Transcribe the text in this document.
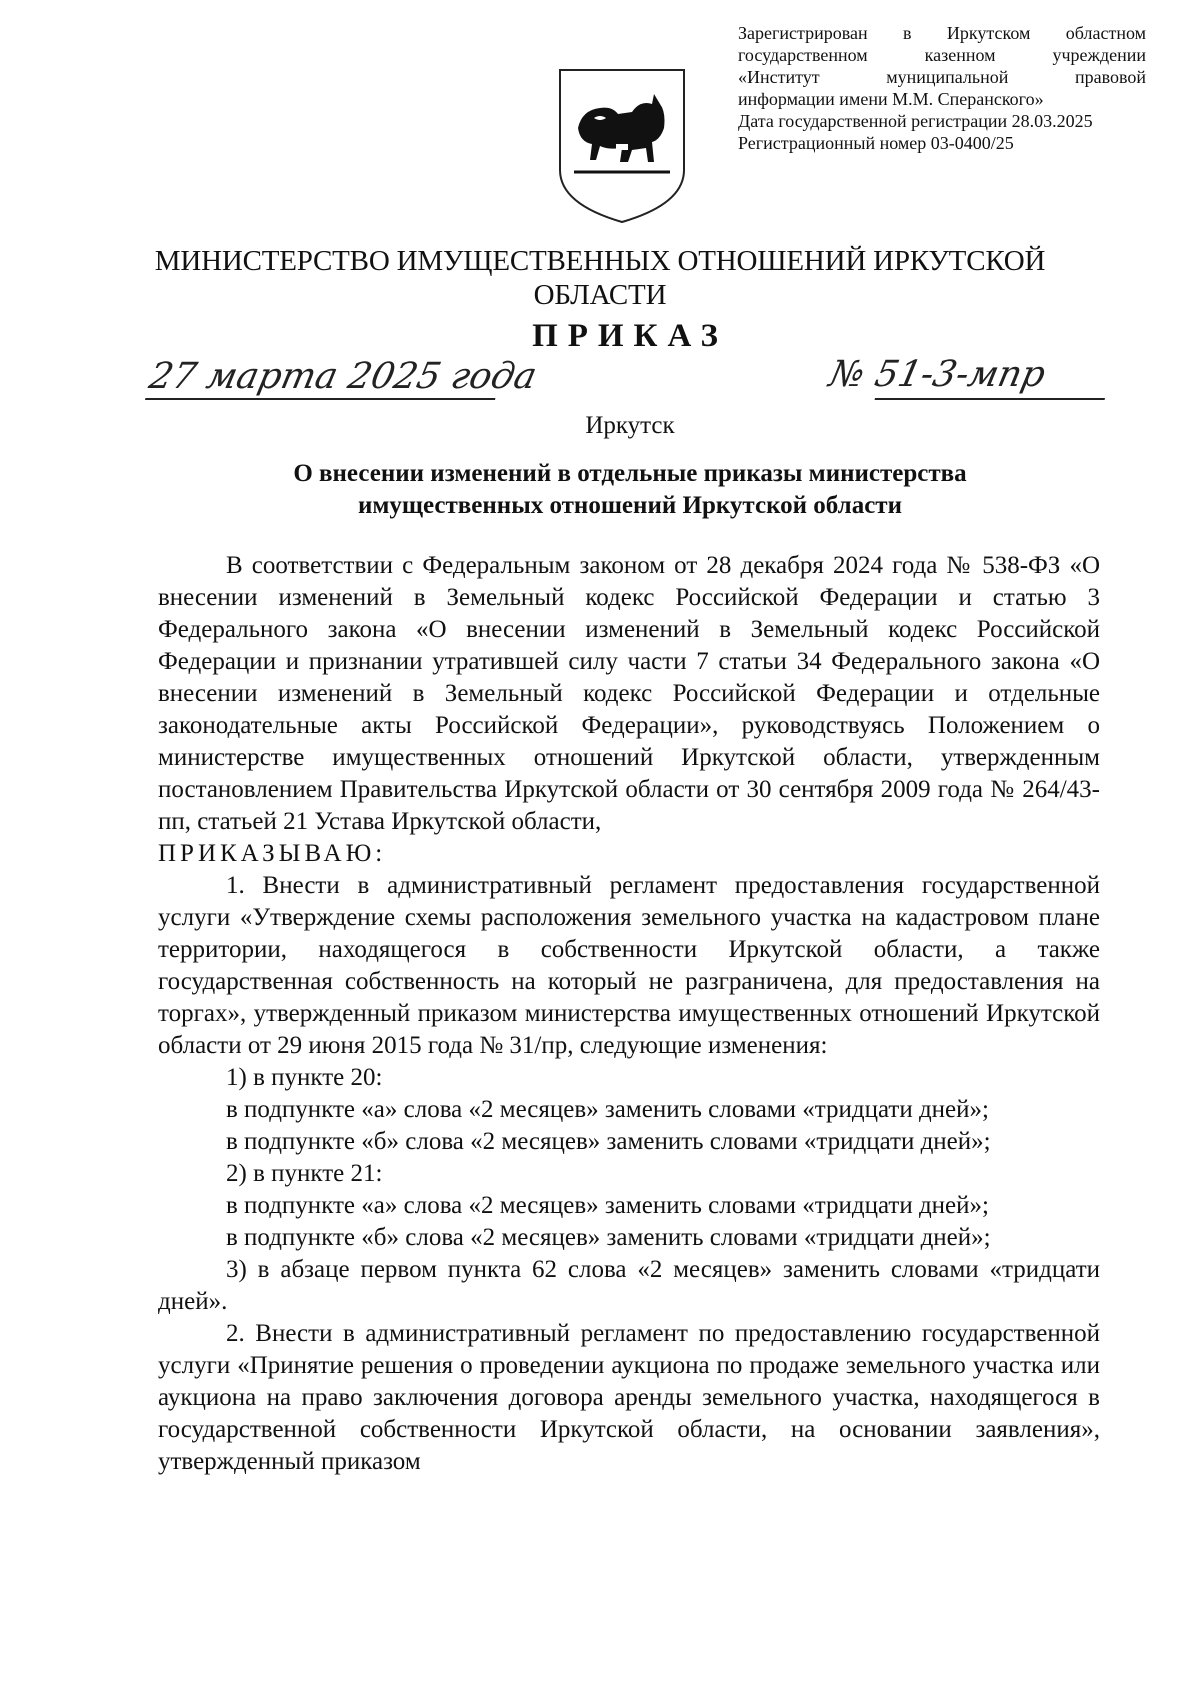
Зарегистрирован в Иркутском областном
государственном казенном учреждении
«Институт муниципальной правовой
информации имени М.М. Сперанского»
Дата государственной регистрации 28.03.2025
Регистрационный номер 03-0400/25
МИНИСТЕРСТВО ИМУЩЕСТВЕННЫХ ОТНОШЕНИЙ ИРКУТСКОЙ
ОБЛАСТИ
ПРИКАЗ
27 марта 2025 года	№ 51-3-мпр
Иркутск
О внесении изменений в отдельные приказы министерства
имущественных отношений Иркутской области

В соответствии с Федеральным законом от 28 декабря 2024 года № 538-ФЗ «О внесении изменений в Земельный кодекс Российской Федерации и статью 3 Федерального закона «О внесении изменений в Земельный кодекс Российской Федерации и признании утратившей силу части 7 статьи 34 Федерального закона «О внесении изменений в Земельный кодекс Российской Федерации и отдельные законодательные акты Российской Федерации», руководствуясь Положением о министерстве имущественных отношений Иркутской области, утвержденным постановлением Правительства Иркутской области от 30 сентября 2009 года № 264/43-пп, статьей 21 Устава Иркутской области,

ПРИКАЗЫВАЮ:

1. Внести в административный регламент предоставления государственной услуги «Утверждение схемы расположения земельного участка на кадастровом плане территории, находящегося в собственности Иркутской области, а также государственная собственность на который не разграничена, для предоставления на торгах», утвержденный приказом министерства имущественных отношений Иркутской области от 29 июня 2015 года № 31/пр, следующие изменения:

1) в пункте 20:

в подпункте «а» слова «2 месяцев» заменить словами «тридцати дней»;

в подпункте «б» слова «2 месяцев» заменить словами «тридцати дней»;

2) в пункте 21:

в подпункте «а» слова «2 месяцев» заменить словами «тридцати дней»;

в подпункте «б» слова «2 месяцев» заменить словами «тридцати дней»;

3) в абзаце первом пункта 62 слова «2 месяцев» заменить словами «тридцати дней».

2. Внести в административный регламент по предоставлению государственной услуги «Принятие решения о проведении аукциона по продаже земельного участка или аукциона на право заключения договора аренды земельного участка, находящегося в государственной собственности Иркутской области, на основании заявления», утвержденный приказом
